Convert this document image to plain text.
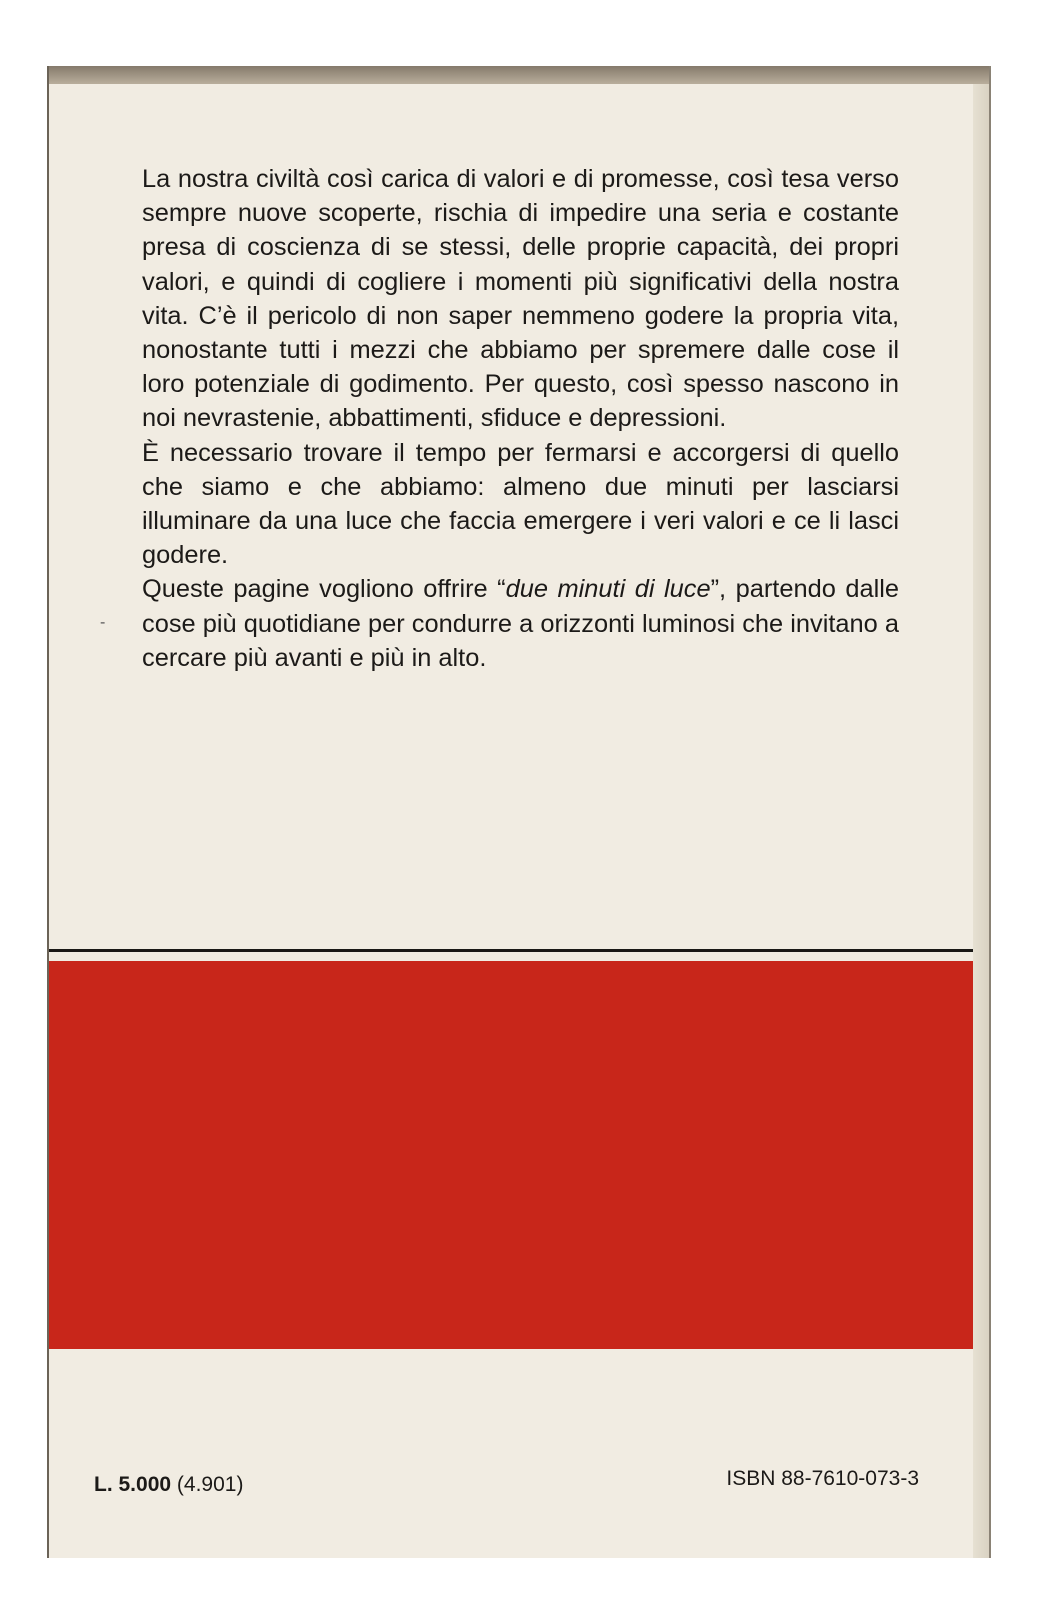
La nostra civiltà così carica di valori e di promesse, così tesa verso sempre nuove scoperte, rischia di impedire una seria e costante presa di coscienza di se stessi, delle proprie capacità, dei propri valori, e quindi di cogliere i momenti più significativi della nostra vita. C’è il pericolo di non saper nemmeno godere la propria vita, nonostante tutti i mezzi che abbiamo per spremere dalle cose il loro potenziale di godimento. Per questo, così spesso nascono in noi nevrastenie, abbattimenti, sfiduce e depressioni.

È necessario trovare il tempo per fermarsi e accorgersi di quello che siamo e che abbiamo: almeno due minuti per lasciarsi illuminare da una luce che faccia emergere i veri valori e ce li lasci godere.

Queste pagine vogliono offrire “due minuti di luce”, partendo dalle cose più quotidiane per condurre a orizzonti luminosi che invitano a cercare più avanti e più in alto.

-
L. 5.000 (4.901)	ISBN 88-7610-073-3
